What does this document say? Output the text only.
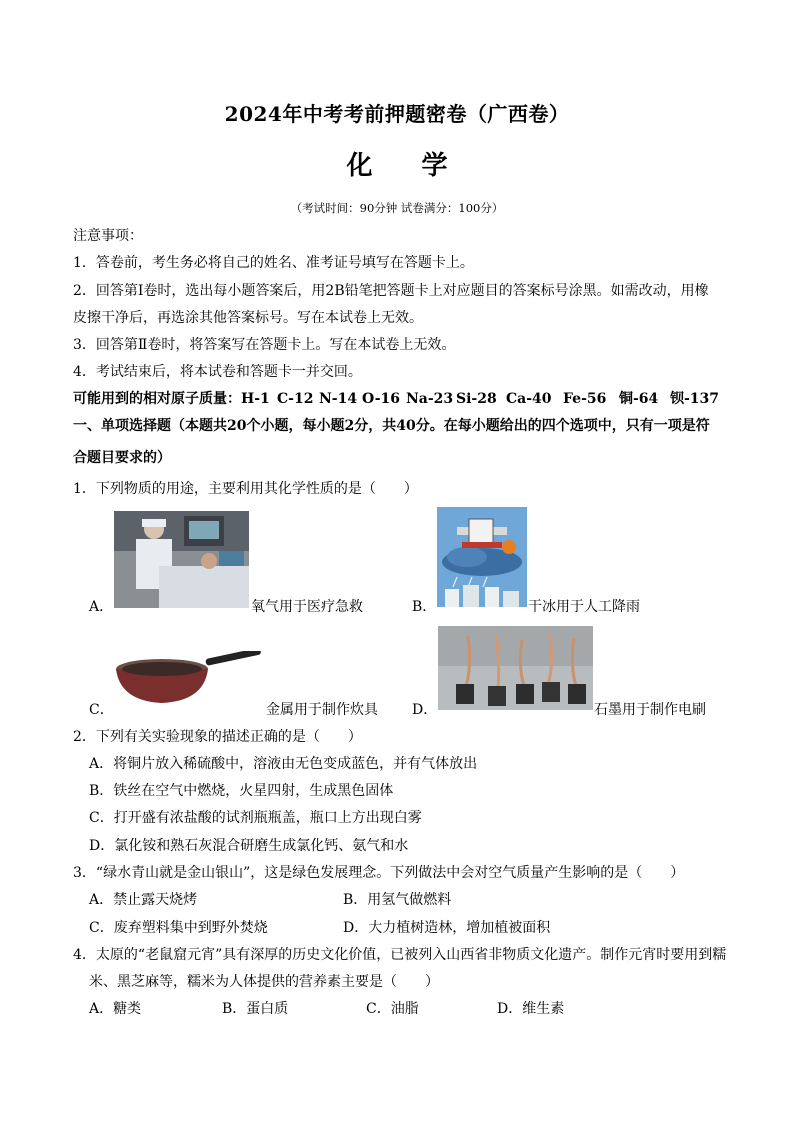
2024年中考考前押题密卷（广西卷）
化 学
（考试时间：90分钟 试卷满分：100分）
注意事项：
1．答卷前，考生务必将自己的姓名、准考证号填写在答题卡上。
2．回答第Ⅰ卷时，选出每小题答案后，用2B铅笔把答题卡上对应题目的答案标号涂黑。如需改动，用橡
皮擦干净后，再选涂其他答案标号。写在本试卷上无效。
3．回答第Ⅱ卷时，将答案写在答题卡上。写在本试卷上无效。
4．考试结束后，将本试卷和答题卡一并交回。
可能用到的相对原子质量： H-1 C-12 N-14 O-16 Na-23 Si-28 Ca-40 Fe-56 铜-64 钡-137
一、单项选择题（本题共20个小题，每小题2分，共40分。在每小题给出的四个选项中，只有一项是符
合题目要求的）
1．下列物质的用途，主要利用其化学性质的是（　　）
A．	氧气用于医疗急救	B．	干冰用于人工降雨
C．	金属用于制作炊具 D．	石墨用于制作电刷
2．下列有关实验现象的描述正确的是（　　）
A．将铜片放入稀硫酸中，溶液由无色变成蓝色，并有气体放出
B．铁丝在空气中燃烧，火星四射，生成黑色固体
C．打开盛有浓盐酸的试剂瓶瓶盖，瓶口上方出现白雾
D．氯化铵和熟石灰混合研磨生成氯化钙、氨气和水
3．“绿水青山就是金山银山”，这是绿色发展理念。下列做法中会对空气质量产生影响的是（　　）
A．禁止露天烧烤	B．用氢气做燃料
C．废弃塑料集中到野外焚烧	D．大力植树造林，增加植被面积
4．太原的“老鼠窟元宵”具有深厚的历史文化价值，已被列入山西省非物质文化遗产。制作元宵时要用到糯
米、黑芝麻等，糯米为人体提供的营养素主要是（　　）
A．糖类	B．蛋白质	C．油脂	D．维生素
